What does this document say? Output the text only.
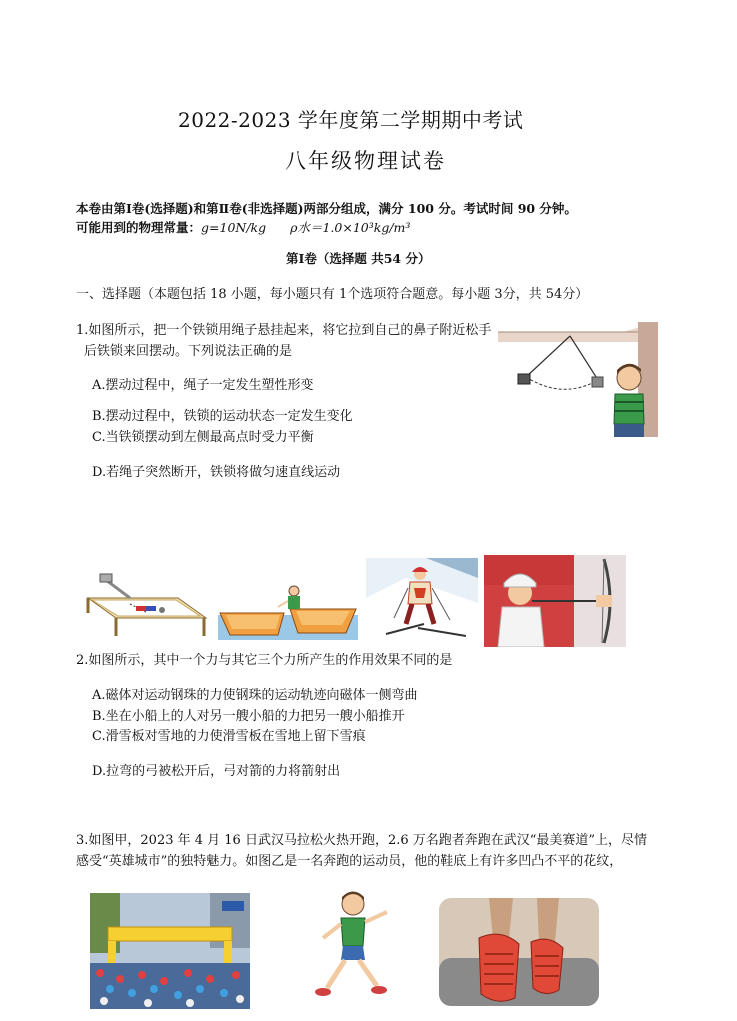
2022-2023 学年度第二学期期中考试
八年级物理试卷
本卷由第Ⅰ卷(选择题)和第Ⅱ卷(非选择题)两部分组成，满分 100 分。考试时间 90 分钟。
可能用到的物理常量：g=10N/kg ρ水＝1.0×10³kg/m³
第Ⅰ卷（选择题 共54 分）
一、选择题（本题包括 18 小题，每小题只有 1个选项符合题意。每小题 3分，共 54分）
1.如图所示，把一个铁锁用绳子悬挂起来，将它拉到自己的鼻子附近松手
后铁锁来回摆动。下列说法正确的是
A.摆动过程中，绳子一定发生塑性形变
B.摆动过程中，铁锁的运动状态一定发生变化
C.当铁锁摆动到左侧最高点时受力平衡
D.若绳子突然断开，铁锁将做匀速直线运动
2.如图所示，其中一个力与其它三个力所产生的作用效果不同的是
A.磁体对运动钢珠的力使钢珠的运动轨迹向磁体一侧弯曲
B.坐在小船上的人对另一艘小船的力把另一艘小船推开
C.滑雪板对雪地的力使滑雪板在雪地上留下雪痕
D.拉弯的弓被松开后，弓对箭的力将箭射出
3.如图甲，2023 年 4 月 16 日武汉马拉松火热开跑，2.6 万名跑者奔跑在武汉“最美赛道”上，尽情
感受“英雄城市”的独特魅力。如图乙是一名奔跑的运动员，他的鞋底上有许多凹凸不平的花纹，
